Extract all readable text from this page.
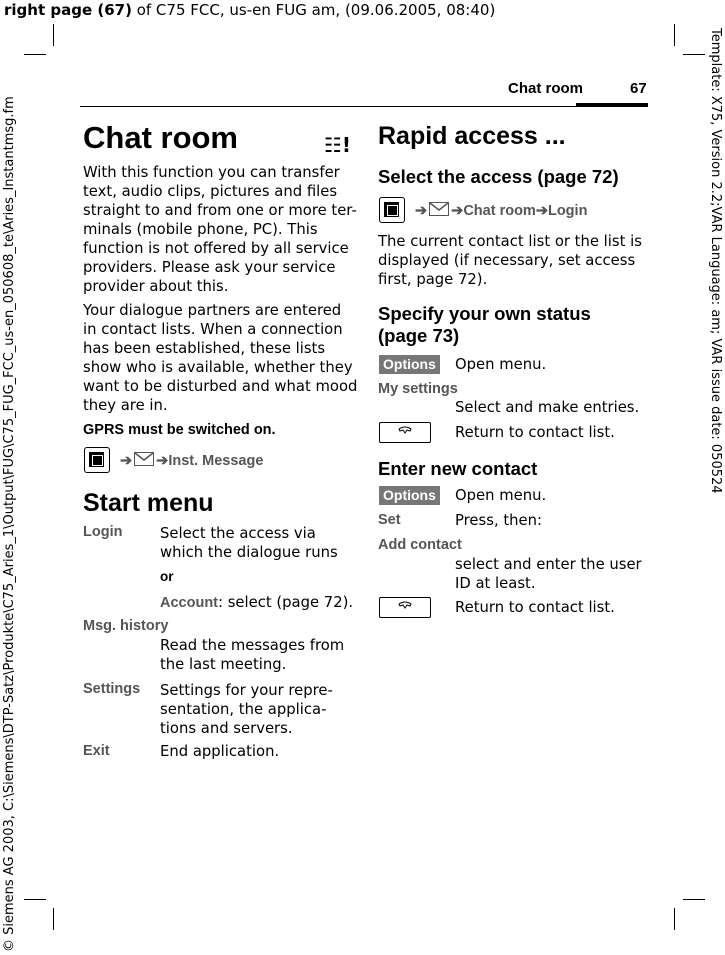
right page (67) of C75 FCC, us-en FUG am, (09.06.2005, 08:40)
© Siemens AG 2003, C:\Siemens\DTP-Satz\Produkte\C75_Aries_1\Output\FUG\C75_FUG_FCC_us-en_050608_te\Aries_Instantmsg.fm	Template: X75, Version 2.2;VAR Language: am; VAR issue date: 050524
Chat room	67
Chat room	☷!
With this function you can transfer
text, audio clips, pictures and files
straight to and from one or more ter-
minals (mobile phone, PC). This
function is not offered by all service
providers. Please ask your service
provider about this.
Your dialogue partners are entered
in contact lists. When a connection
has been established, these lists
show who is available, whether they
want to be disturbed and what mood
they are in.
GPRS must be switched on.
➔ ➔Inst. Message
Start menu
Login	Select the access via
which the dialogue runs
or
Account: select (page 72).
Msg. history
Read the messages from
the last meeting.
Settings Settings for your repre-
sentation, the applica-
tions and servers.
Exit	End application.
Rapid access ...
Select the access (page 72)
➔ ➔Chat room➔Login
The current contact list or the list is
displayed (if necessary, set access
first, page 72).
Specify your own status
(page 73)
Options Open menu.
My settings
Select and make entries.
Return to contact list.
Enter new contact
Options Open menu.
Set	Press, then:
Add contact
select and enter the user
ID at least.
Return to contact list.
